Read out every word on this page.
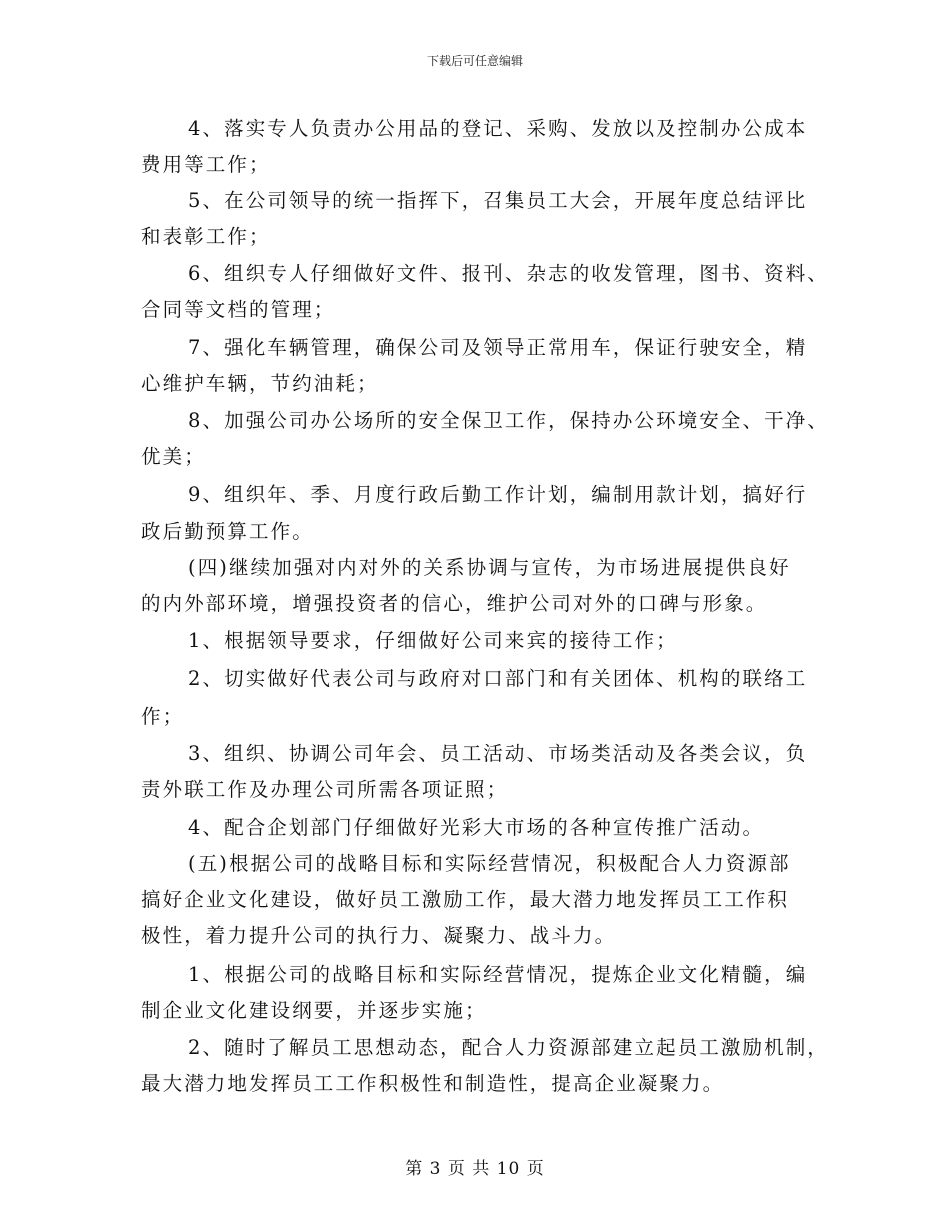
下载后可任意编辑
4、落实专人负责办公用品的登记、采购、发放以及控制办公成本
费用等工作；
5、在公司领导的统一指挥下，召集员工大会，开展年度总结评比
和表彰工作；
6、组织专人仔细做好文件、报刊、杂志的收发管理，图书、资料、
合同等文档的管理；
7、强化车辆管理，确保公司及领导正常用车，保证行驶安全，精
心维护车辆，节约油耗；
8、加强公司办公场所的安全保卫工作，保持办公环境安全、干净、
优美；
9、组织年、季、月度行政后勤工作计划，编制用款计划，搞好行
政后勤预算工作。
(四)继续加强对内对外的关系协调与宣传，为市场进展提供良好
的内外部环境，增强投资者的信心，维护公司对外的口碑与形象。
1、根据领导要求，仔细做好公司来宾的接待工作；
2、切实做好代表公司与政府对口部门和有关团体、机构的联络工
作；
3、组织、协调公司年会、员工活动、市场类活动及各类会议，负
责外联工作及办理公司所需各项证照；
4、配合企划部门仔细做好光彩大市场的各种宣传推广活动。
(五)根据公司的战略目标和实际经营情况，积极配合人力资源部
搞好企业文化建设，做好员工激励工作，最大潜力地发挥员工工作积
极性，着力提升公司的执行力、凝聚力、战斗力。
1、根据公司的战略目标和实际经营情况，提炼企业文化精髓，编
制企业文化建设纲要，并逐步实施；
2、随时了解员工思想动态，配合人力资源部建立起员工激励机制，
最大潜力地发挥员工工作积极性和制造性，提高企业凝聚力。
第 3 页 共 10 页
